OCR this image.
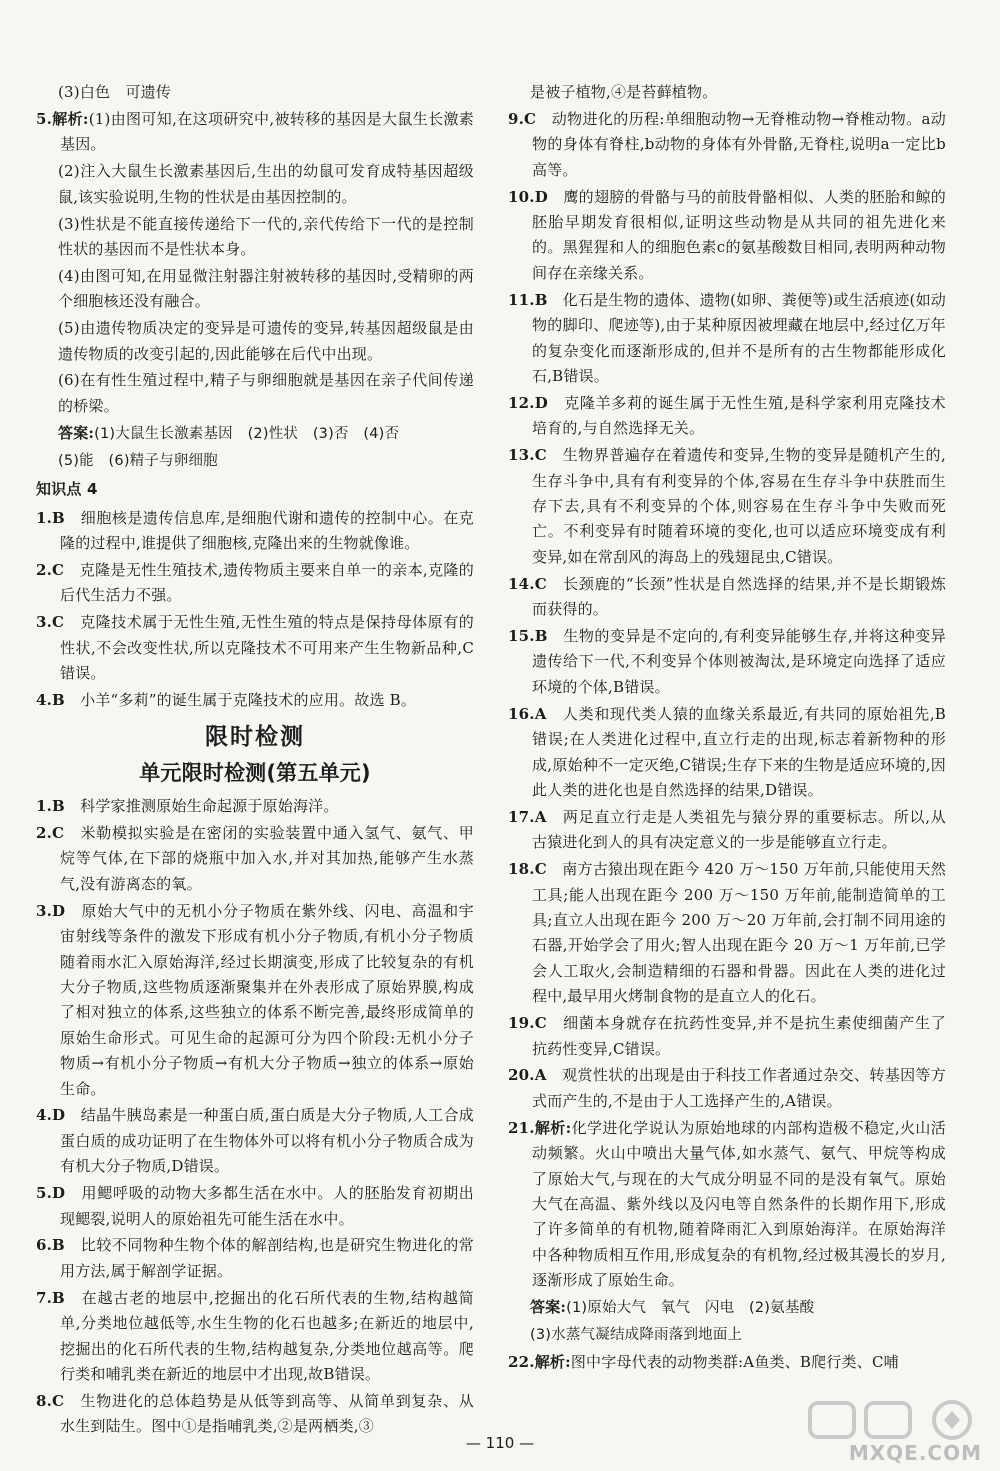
(3)白色　可遗传

5.解析:(1)由图可知,在这项研究中,被转移的基因是大鼠生长激素基因。

(2)注入大鼠生长激素基因后,生出的幼鼠可发育成特基因超级鼠,该实验说明,生物的性状是由基因控制的。

(3)性状是不能直接传递给下一代的,亲代传给下一代的是控制性状的基因而不是性状本身。

(4)由图可知,在用显微注射器注射被转移的基因时,受精卵的两个细胞核还没有融合。

(5)由遗传物质决定的变异是可遗传的变异,转基因超级鼠是由遗传物质的改变引起的,因此能够在后代中出现。

(6)在有性生殖过程中,精子与卵细胞就是基因在亲子代间传递的桥梁。

答案:(1)大鼠生长激素基因　(2)性状　(3)否　(4)否

(5)能　(6)精子与卵细胞

知识点 4

1.B　 细胞核是遗传信息库,是细胞代谢和遗传的控制中心。在克隆的过程中,谁提供了细胞核,克隆出来的生物就像谁。

2.C　 克隆是无性生殖技术,遗传物质主要来自单一的亲本,克隆的后代生活力不强。

3.C　 克隆技术属于无性生殖,无性生殖的特点是保持母体原有的性状,不会改变性状,所以克隆技术不可用来产生生物新品种,C错误。

4.B　 小羊“多莉”的诞生属于克隆技术的应用。故选 B。

限时检测
单元限时检测(第五单元)

1.B　 科学家推测原始生命起源于原始海洋。

2.C　 米勒模拟实验是在密闭的实验装置中通入氢气、氨气、甲烷等气体,在下部的烧瓶中加入水,并对其加热,能够产生水蒸气,没有游离态的氧。

3.D　 原始大气中的无机小分子物质在紫外线、闪电、高温和宇宙射线等条件的激发下形成有机小分子物质,有机小分子物质随着雨水汇入原始海洋,经过长期演变,形成了比较复杂的有机大分子物质,这些物质逐渐聚集并在外表形成了原始界膜,构成了相对独立的体系,这些独立的体系不断完善,最终形成简单的原始生命形式。可见生命的起源可分为四个阶段:无机小分子物质→有机小分子物质→有机大分子物质→独立的体系→原始生命。

4.D　 结晶牛胰岛素是一种蛋白质,蛋白质是大分子物质,人工合成蛋白质的成功证明了在生物体外可以将有机小分子物质合成为有机大分子物质,D错误。

5.D　 用鳃呼吸的动物大多都生活在水中。人的胚胎发育初期出现鳃裂,说明人的原始祖先可能生活在水中。

6.B　 比较不同物种生物个体的解剖结构,也是研究生物进化的常用方法,属于解剖学证据。

7.B　 在越古老的地层中,挖掘出的化石所代表的生物,结构越简单,分类地位越低等,水生生物的化石也越多;在新近的地层中,挖掘出的化石所代表的生物,结构越复杂,分类地位越高等。爬行类和哺乳类在新近的地层中才出现,故B错误。

8.C　 生物进化的总体趋势是从低等到高等、从简单到复杂、从水生到陆生。图中①是指哺乳类,②是两栖类,③

是被子植物,④是苔藓植物。

9.C　 动物进化的历程:单细胞动物→无脊椎动物→脊椎动物。a动物的身体有脊柱,b动物的身体有外骨骼,无脊柱,说明a一定比b高等。

10.D　 鹰的翅膀的骨骼与马的前肢骨骼相似、人类的胚胎和鲸的胚胎早期发育很相似,证明这些动物是从共同的祖先进化来的。黑猩猩和人的细胞色素c的氨基酸数目相同,表明两种动物间存在亲缘关系。

11.B　 化石是生物的遗体、遗物(如卵、粪便等)或生活痕迹(如动物的脚印、爬迹等),由于某种原因被埋藏在地层中,经过亿万年的复杂变化而逐渐形成的,但并不是所有的古生物都能形成化石,B错误。

12.D　 克隆羊多莉的诞生属于无性生殖,是科学家利用克隆技术培育的,与自然选择无关。

13.C　 生物界普遍存在着遗传和变异,生物的变异是随机产生的,生存斗争中,具有有利变异的个体,容易在生存斗争中获胜而生存下去,具有不利变异的个体,则容易在生存斗争中失败而死亡。不利变异有时随着环境的变化,也可以适应环境变成有利变异,如在常刮风的海岛上的残翅昆虫,C错误。

14.C　 长颈鹿的“长颈”性状是自然选择的结果,并不是长期锻炼而获得的。

15.B　 生物的变异是不定向的,有利变异能够生存,并将这种变异遗传给下一代,不利变异个体则被淘汰,是环境定向选择了适应环境的个体,B错误。

16.A　 人类和现代类人猿的血缘关系最近,有共同的原始祖先,B错误;在人类进化过程中,直立行走的出现,标志着新物种的形成,原始种不一定灭绝,C错误;生存下来的生物是适应环境的,因此人类的进化也是自然选择的结果,D错误。

17.A　 两足直立行走是人类祖先与猿分界的重要标志。所以,从古猿进化到人的具有决定意义的一步是能够直立行走。

18.C　 南方古猿出现在距今 420 万～150 万年前,只能使用天然工具;能人出现在距今 200 万～150 万年前,能制造简单的工具;直立人出现在距今 200 万～20 万年前,会打制不同用途的石器,开始学会了用火;智人出现在距今 20 万～1 万年前,已学会人工取火,会制造精细的石器和骨器。因此在人类的进化过程中,最早用火烤制食物的是直立人的化石。

19.C　 细菌本身就存在抗药性变异,并不是抗生素使细菌产生了抗药性变异,C错误。

20.A　 观赏性状的出现是由于科技工作者通过杂交、转基因等方式而产生的,不是由于人工选择产生的,A错误。

21.解析:化学进化学说认为原始地球的内部构造极不稳定,火山活动频繁。火山中喷出大量气体,如水蒸气、氨气、甲烷等构成了原始大气,与现在的大气成分明显不同的是没有氧气。原始大气在高温、紫外线以及闪电等自然条件的长期作用下,形成了许多简单的有机物,随着降雨汇入到原始海洋。在原始海洋中各种物质相互作用,形成复杂的有机物,经过极其漫长的岁月,逐渐形成了原始生命。

答案:(1)原始大气　氧气　闪电　(2)氨基酸

(3)水蒸气凝结成降雨落到地面上

22.解析:图中字母代表的动物类群:A鱼类、B爬行类、C哺

— 110 —	MXQE.COM
